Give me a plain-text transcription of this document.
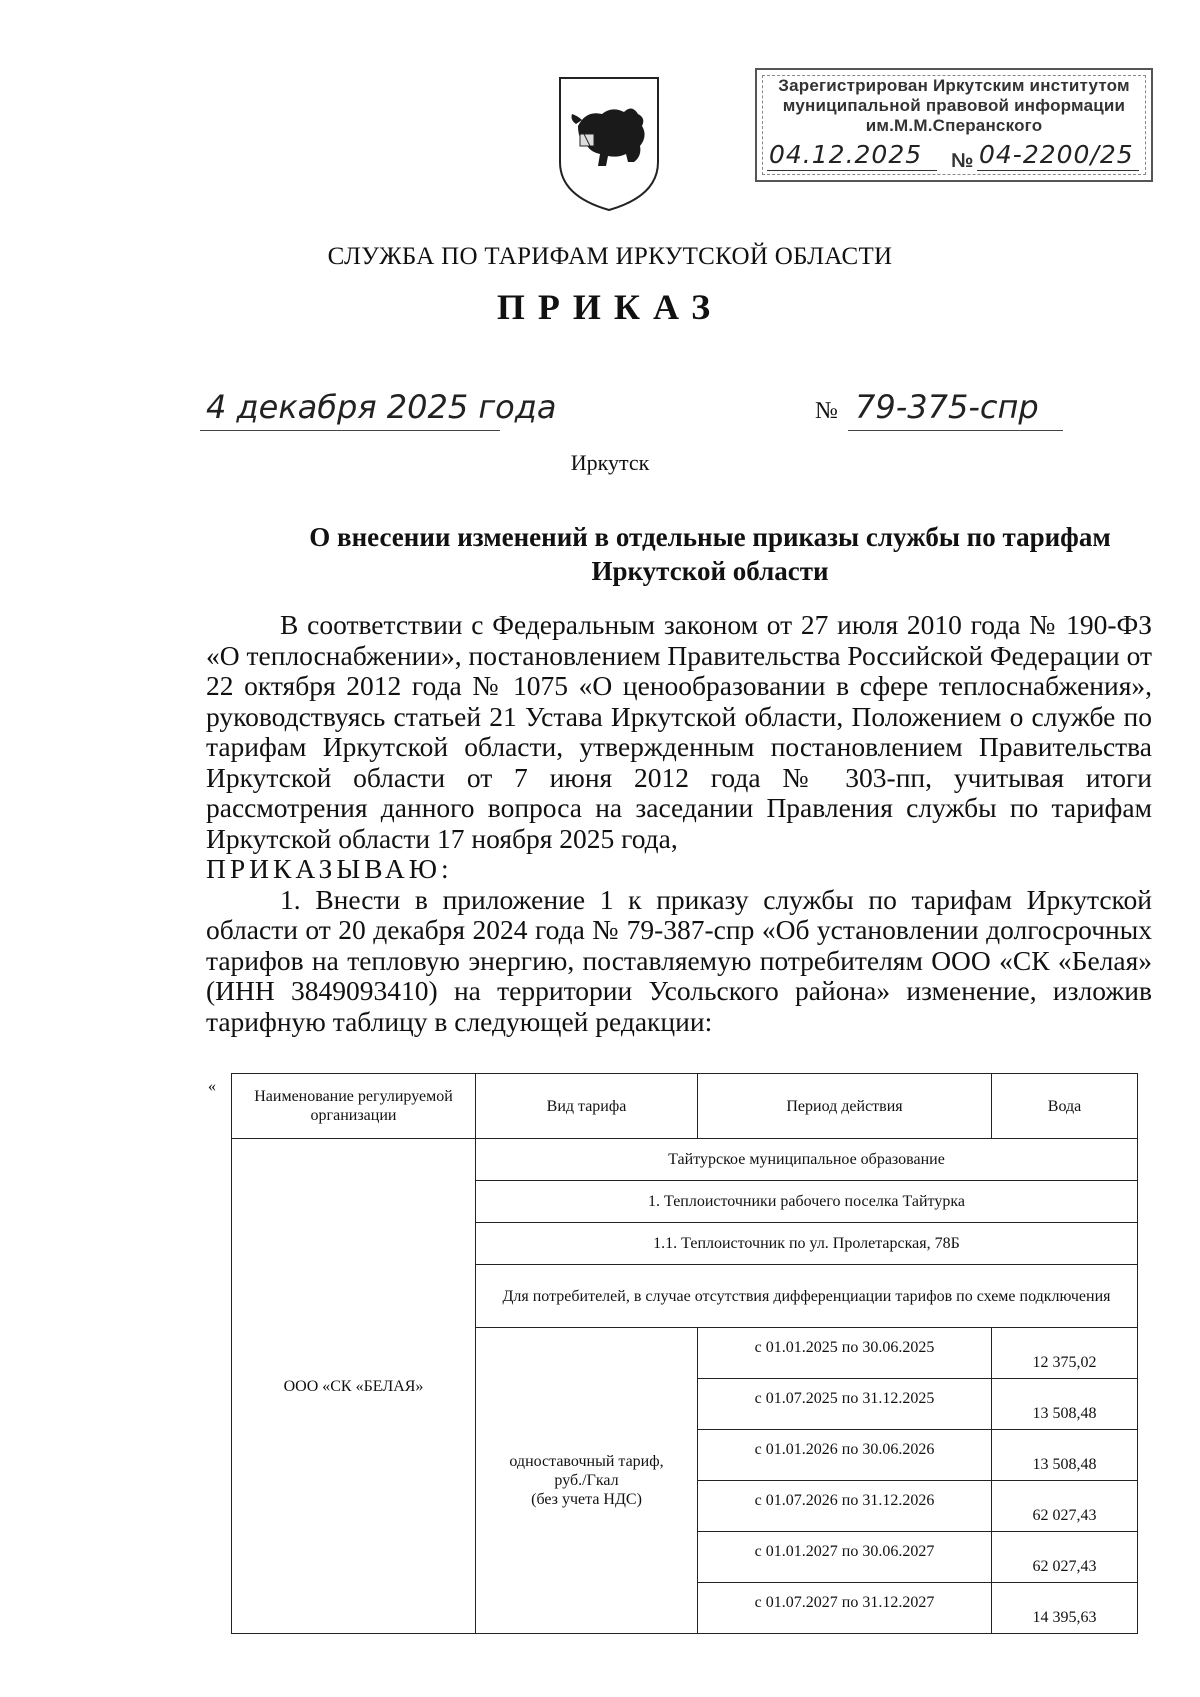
Зарегистрирован Иркутским институтом
муниципальной правовой информации
им.М.М.Сперанского
04.12.2025 № 04-2200/25
СЛУЖБА ПО ТАРИФАМ ИРКУТСКОЙ ОБЛАСТИ
ПРИКАЗ
4 декабря 2025 года	№ 79-375-спр
Иркутск
О внесении изменений в отдельные приказы службы по тарифам
Иркутской области

В соответствии с Федеральным законом от 27 июля 2010 года № 190-ФЗ «О теплоснабжении», постановлением Правительства Российской Федерации от 22 октября 2012 года № 1075 «О ценообразовании в сфере теплоснабжения», руководствуясь статьей 21 Устава Иркутской области, Положением о службе по тарифам Иркутской области, утвержденным постановлением Правительства Иркутской области от 7 июня 2012 года № 303-пп, учитывая итоги рассмотрения данного вопроса на заседании Правления службы по тарифам Иркутской области 17 ноября 2025 года,

ПРИКАЗЫВАЮ:

1. Внести в приложение 1 к приказу службы по тарифам Иркутской области от 20 декабря 2024 года № 79-387-спр «Об установлении долгосрочных тарифов на тепловую энергию, поставляемую потребителям ООО «СК «Белая» (ИНН 3849093410) на территории Усольского района» изменение, изложив тарифную таблицу в следующей редакции:

«
Наименование регулируемой организации	Вид тарифа	Период действия	Вода
ООО «СК «БЕЛАЯ»	Тайтурское муниципальное образование		
	1. Теплоисточники рабочего поселка Тайтурка		
	1.1. Теплоисточник по ул. Пролетарская, 78Б		
	Для потребителей, в случае отсутствия дифференциации тарифов по схеме подключения		

	одноставочный тариф,
руб./Гкал
(без учета НДС)	с 01.01.2025 по 30.06.2025	12 375,02
		с 01.07.2025 по 31.12.2025	13 508,48
		с 01.01.2026 по 30.06.2026	13 508,48
		с 01.07.2026 по 31.12.2026	62 027,43
		с 01.01.2027 по 30.06.2027	62 027,43
		с 01.07.2027 по 31.12.2027	14 395,63
